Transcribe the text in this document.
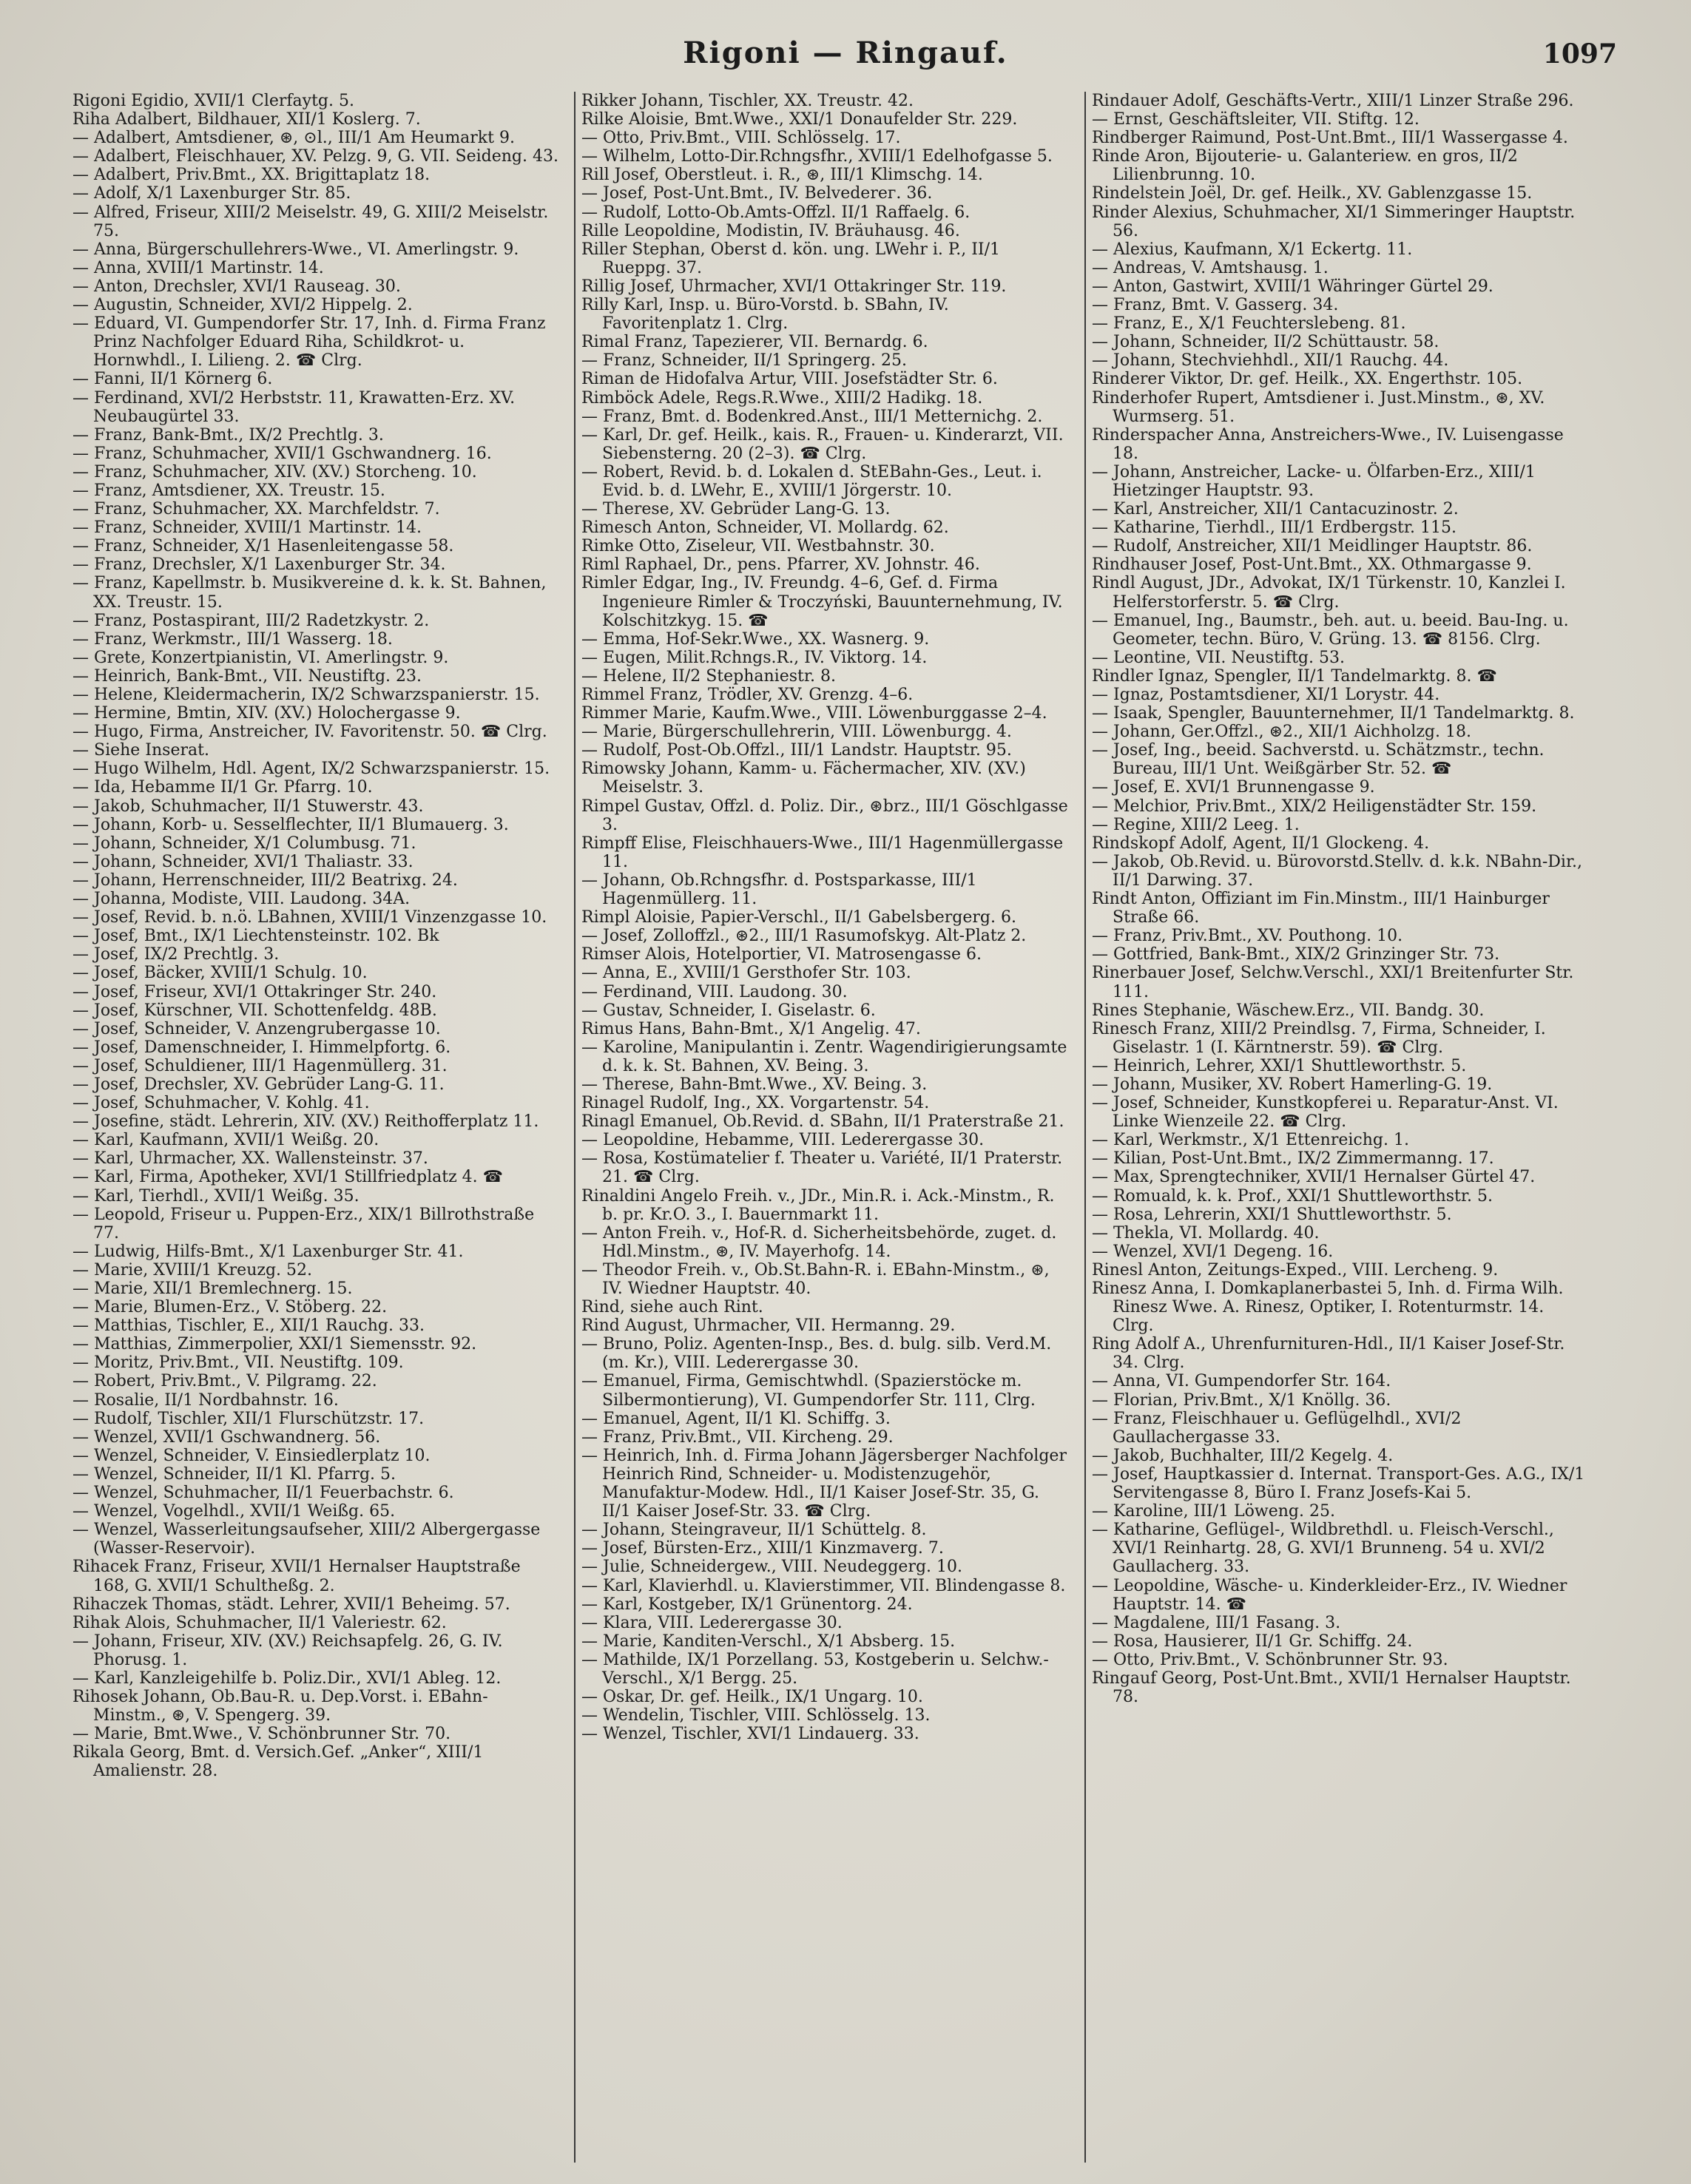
Rigoni — Ringauf.	1097

Rigoni Egidio, XVII/1 Clerfaytg. 5.

Riha Adalbert, Bildhauer, XII/1 Koslerg. 7.

— Adalbert, Amtsdiener, ⊛, ⊙l., III/1 Am Heumarkt 9.

— Adalbert, Fleischhauer, XV. Pelzg. 9, G. VII. Seideng. 43.

— Adalbert, Priv.Bmt., XX. Brigittaplatz 18.

— Adolf, X/1 Laxenburger Str. 85.

— Alfred, Friseur, XIII/2 Meiselstr. 49, G. XIII/2 Meiselstr. 75.

— Anna, Bürgerschullehrers-Wwe., VI. Amerlingstr. 9.

— Anna, XVIII/1 Martinstr. 14.

— Anton, Drechsler, XVI/1 Rauseag. 30.

— Augustin, Schneider, XVI/2 Hippelg. 2.

— Eduard, VI. Gumpendorfer Str. 17, Inh. d. Firma Franz Prinz Nachfolger Eduard Riha, Schildkrot- u. Hornwhdl., I. Lilieng. 2. ☎ Clrg.

— Fanni, II/1 Körnerg 6.

— Ferdinand, XVI/2 Herbststr. 11, Krawatten-Erz. XV. Neubaugürtel 33.

— Franz, Bank-Bmt., IX/2 Prechtlg. 3.

— Franz, Schuhmacher, XVII/1 Gschwandnerg. 16.

— Franz, Schuhmacher, XIV. (XV.) Storcheng. 10.

— Franz, Amtsdiener, XX. Treustr. 15.

— Franz, Schuhmacher, XX. Marchfeldstr. 7.

— Franz, Schneider, XVIII/1 Martinstr. 14.

— Franz, Schneider, X/1 Hasenleitengasse 58.

— Franz, Drechsler, X/1 Laxenburger Str. 34.

— Franz, Kapellmstr. b. Musikvereine d. k. k. St. Bahnen, XX. Treustr. 15.

— Franz, Postaspirant, III/2 Radetzkystr. 2.

— Franz, Werkmstr., III/1 Wasserg. 18.

— Grete, Konzertpianistin, VI. Amerlingstr. 9.

— Heinrich, Bank-Bmt., VII. Neustiftg. 23.

— Helene, Kleidermacherin, IX/2 Schwarzspanierstr. 15.

— Hermine, Bmtin, XIV. (XV.) Holochergasse 9.

— Hugo, Firma, Anstreicher, IV. Favoritenstr. 50. ☎ Clrg.

— Siehe Inserat.

— Hugo Wilhelm, Hdl. Agent, IX/2 Schwarzspanierstr. 15.

— Ida, Hebamme II/1 Gr. Pfarrg. 10.

— Jakob, Schuhmacher, II/1 Stuwerstr. 43.

— Johann, Korb- u. Sesselflechter, II/1 Blumauerg. 3.

— Johann, Schneider, X/1 Columbusg. 71.

— Johann, Schneider, XVI/1 Thaliastr. 33.

— Johann, Herrenschneider, III/2 Beatrixg. 24.

— Johanna, Modiste, VIII. Laudong. 34A.

— Josef, Revid. b. n.ö. LBahnen, XVIII/1 Vinzenzgasse 10.

— Josef, Bmt., IX/1 Liechtensteinstr. 102. Bk

— Josef, IX/2 Prechtlg. 3.

— Josef, Bäcker, XVIII/1 Schulg. 10.

— Josef, Friseur, XVI/1 Ottakringer Str. 240.

— Josef, Kürschner, VII. Schottenfeldg. 48B.

— Josef, Schneider, V. Anzengrubergasse 10.

— Josef, Damenschneider, I. Himmelpfortg. 6.

— Josef, Schuldiener, III/1 Hagenmüllerg. 31.

— Josef, Drechsler, XV. Gebrüder Lang-G. 11.

— Josef, Schuhmacher, V. Kohlg. 41.

— Josefine, städt. Lehrerin, XIV. (XV.) Reithofferplatz 11.

— Karl, Kaufmann, XVII/1 Weißg. 20.

— Karl, Uhrmacher, XX. Wallensteinstr. 37.

— Karl, Firma, Apotheker, XVI/1 Stillfriedplatz 4. ☎

— Karl, Tierhdl., XVII/1 Weißg. 35.

— Leopold, Friseur u. Puppen-Erz., XIX/1 Billrothstraße 77.

— Ludwig, Hilfs-Bmt., X/1 Laxenburger Str. 41.

— Marie, XVIII/1 Kreuzg. 52.

— Marie, XII/1 Bremlechnerg. 15.

— Marie, Blumen-Erz., V. Stöberg. 22.

— Matthias, Tischler, E., XII/1 Rauchg. 33.

— Matthias, Zimmerpolier, XXI/1 Siemensstr. 92.

— Moritz, Priv.Bmt., VII. Neustiftg. 109.

— Robert, Priv.Bmt., V. Pilgramg. 22.

— Rosalie, II/1 Nordbahnstr. 16.

— Rudolf, Tischler, XII/1 Flurschützstr. 17.

— Wenzel, XVII/1 Gschwandnerg. 56.

— Wenzel, Schneider, V. Einsiedlerplatz 10.

— Wenzel, Schneider, II/1 Kl. Pfarrg. 5.

— Wenzel, Schuhmacher, II/1 Feuerbachstr. 6.

— Wenzel, Vogelhdl., XVII/1 Weißg. 65.

— Wenzel, Wasserleitungsaufseher, XIII/2 Albergergasse (Wasser-Reservoir).

Rihacek Franz, Friseur, XVII/1 Hernalser Hauptstraße 168, G. XVII/1 Schultheßg. 2.

Rihaczek Thomas, städt. Lehrer, XVII/1 Beheimg. 57.

Rihak Alois, Schuhmacher, II/1 Valeriestr. 62.

— Johann, Friseur, XIV. (XV.) Reichsapfelg. 26, G. IV. Phorusg. 1.

— Karl, Kanzleigehilfe b. Poliz.Dir., XVI/1 Ableg. 12.

Rihosek Johann, Ob.Bau-R. u. Dep.Vorst. i. EBahn-Minstm., ⊛, V. Spengerg. 39.

— Marie, Bmt.Wwe., V. Schönbrunner Str. 70.

Rikala Georg, Bmt. d. Versich.Gef. „Anker“, XIII/1 Amalienstr. 28.

Rikker Johann, Tischler, XX. Treustr. 42.

Rilke Aloisie, Bmt.Wwe., XXI/1 Donaufelder Str. 229.

— Otto, Priv.Bmt., VIII. Schlösselg. 17.

— Wilhelm, Lotto-Dir.Rchngsfhr., XVIII/1 Edelhofgasse 5.

Rill Josef, Oberstleut. i. R., ⊛, III/1 Klimschg. 14.

— Josef, Post-Unt.Bmt., IV. Belvederег. 36.

— Rudolf, Lotto-Ob.Amts-Offzl. II/1 Raffaelg. 6.

Rille Leopoldine, Modistin, IV. Bräuhausg. 46.

Riller Stephan, Oberst d. kön. ung. LWehr i. P., II/1 Rueppg. 37.

Rillig Josef, Uhrmacher, XVI/1 Ottakringer Str. 119.

Rilly Karl, Insp. u. Büro-Vorstd. b. SBahn, IV. Favoritenplatz 1. Clrg.

Rimal Franz, Tapezierer, VII. Bernardg. 6.

— Franz, Schneider, II/1 Springerg. 25.

Riman de Hidofalva Artur, VIII. Josefstädter Str. 6.

Rimböck Adele, Regs.R.Wwe., XIII/2 Hadikg. 18.

— Franz, Bmt. d. Bodenkred.Anst., III/1 Metternichg. 2.

— Karl, Dr. gef. Heilk., kais. R., Frauen- u. Kinderarzt, VII. Siebensterng. 20 (2–3). ☎ Clrg.

— Robert, Revid. b. d. Lokalen d. StEBahn-Ges., Leut. i. Evid. b. d. LWehr, E., XVIII/1 Jörgerstr. 10.

— Therese, XV. Gebrüder Lang-G. 13.

Rimesch Anton, Schneider, VI. Mollardg. 62.

Rimke Otto, Ziseleur, VII. Westbahnstr. 30.

Riml Raphael, Dr., pens. Pfarrer, XV. Johnstr. 46.

Rimler Edgar, Ing., IV. Freundg. 4–6, Gef. d. Firma Ingenieure Rimler & Troczyński, Bauunternehmung, IV. Kolschitzkyg. 15. ☎

— Emma, Hof-Sekr.Wwe., XX. Wasnerg. 9.

— Eugen, Milit.Rchngs.R., IV. Viktorg. 14.

— Helene, II/2 Stephaniestr. 8.

Rimmel Franz, Trödler, XV. Grenzg. 4–6.

Rimmer Marie, Kaufm.Wwe., VIII. Löwenburggasse 2–4.

— Marie, Bürgerschullehrerin, VIII. Löwenburgg. 4.

— Rudolf, Post-Ob.Offzl., III/1 Landstr. Hauptstr. 95.

Rimowsky Johann, Kamm- u. Fächermacher, XIV. (XV.) Meiselstr. 3.

Rimpel Gustav, Offzl. d. Poliz. Dir., ⊛brz., III/1 Göschlgasse 3.

Rimpff Elise, Fleischhauers-Wwe., III/1 Hagenmüllergasse 11.

— Johann, Ob.Rchngsfhr. d. Postsparkasse, III/1 Hagenmüllerg. 11.

Rimpl Aloisie, Papier-Verschl., II/1 Gabelsbergerg. 6.

— Josef, Zolloffzl., ⊛2., III/1 Rasumofskyg. Alt-Platz 2.

Rimser Alois, Hotelportier, VI. Matrosengasse 6.

— Anna, E., XVIII/1 Gersthofer Str. 103.

— Ferdinand, VIII. Laudong. 30.

— Gustav, Schneider, I. Giselastr. 6.

Rimus Hans, Bahn-Bmt., X/1 Angelig. 47.

— Karoline, Manipulantin i. Zentr. Wagendirigierungsamte d. k. k. St. Bahnen, XV. Being. 3.

— Therese, Bahn-Bmt.Wwe., XV. Being. 3.

Rinagel Rudolf, Ing., XX. Vorgartenstr. 54.

Rinagl Emanuel, Ob.Revid. d. SBahn, II/1 Praterstraße 21.

— Leopoldine, Hebamme, VIII. Lederergasse 30.

— Rosa, Kostümatelier f. Theater u. Variété, II/1 Praterstr. 21. ☎ Clrg.

Rinaldini Angelo Freih. v., JDr., Min.R. i. Ack.-Minstm., R. b. pr. Kr.O. 3., I. Bauernmarkt 11.

— Anton Freih. v., Hof-R. d. Sicherheitsbehörde, zuget. d. Hdl.Minstm., ⊛, IV. Mayerhofg. 14.

— Theodor Freih. v., Ob.St.Bahn-R. i. EBahn-Minstm., ⊛, IV. Wiedner Hauptstr. 40.

Rind, siehe auch Rint.

Rind August, Uhrmacher, VII. Hermanng. 29.

— Bruno, Poliz. Agenten-Insp., Bes. d. bulg. silb. Verd.M. (m. Kr.), VIII. Lederergasse 30.

— Emanuel, Firma, Gemischtwhdl. (Spazierstöcke m. Silbermontierung), VI. Gumpendorfer Str. 111, Clrg.

— Emanuel, Agent, II/1 Kl. Schiffg. 3.

— Franz, Priv.Bmt., VII. Kircheng. 29.

— Heinrich, Inh. d. Firma Johann Jägersberger Nachfolger Heinrich Rind, Schneider- u. Modistenzugehör, Manufaktur-Modew. Hdl., II/1 Kaiser Josef-Str. 35, G. II/1 Kaiser Josef-Str. 33. ☎ Clrg.

— Johann, Steingraveur, II/1 Schüttelg. 8.

— Josef, Bürsten-Erz., XIII/1 Kinzmaverg. 7.

— Julie, Schneidergew., VIII. Neudeggerg. 10.

— Karl, Klavierhdl. u. Klavierstimmer, VII. Blindengasse 8.

— Karl, Kostgeber, IX/1 Grünentorg. 24.

— Klara, VIII. Lederergasse 30.

— Marie, Kanditen-Verschl., X/1 Absberg. 15.

— Mathilde, IX/1 Porzellang. 53, Kostgeberin u. Selchw.-Verschl., X/1 Bergg. 25.

— Oskar, Dr. gef. Heilk., IX/1 Ungarg. 10.

— Wendelin, Tischler, VIII. Schlösselg. 13.

— Wenzel, Tischler, XVI/1 Lindauerg. 33.

Rindauer Adolf, Geschäfts-Vertr., XIII/1 Linzer Straße 296.

— Ernst, Geschäftsleiter, VII. Stiftg. 12.

Rindberger Raimund, Post-Unt.Bmt., III/1 Wassergasse 4.

Rinde Aron, Bijouterie- u. Galanteriew. en gros, II/2 Lilienbrunng. 10.

Rindelstein Joël, Dr. gef. Heilk., XV. Gablenzgasse 15.

Rinder Alexius, Schuhmacher, XI/1 Simmeringer Hauptstr. 56.

— Alexius, Kaufmann, X/1 Eckertg. 11.

— Andreas, V. Amtshausg. 1.

— Anton, Gastwirt, XVIII/1 Währinger Gürtel 29.

— Franz, Bmt. V. Gasserg. 34.

— Franz, E., X/1 Feuchterslebeng. 81.

— Johann, Schneider, II/2 Schüttaustr. 58.

— Johann, Stechviehhdl., XII/1 Rauchg. 44.

Rinderer Viktor, Dr. gef. Heilk., XX. Engerthstr. 105.

Rinderhofer Rupert, Amtsdiener i. Just.Minstm., ⊛, XV. Wurmserg. 51.

Rinderspacher Anna, Anstreichers-Wwe., IV. Luisengasse 18.

— Johann, Anstreicher, Lacke- u. Ölfarben-Erz., XIII/1 Hietzinger Hauptstr. 93.

— Karl, Anstreicher, XII/1 Cantacuzinostr. 2.

— Katharine, Tierhdl., III/1 Erdbergstr. 115.

— Rudolf, Anstreicher, XII/1 Meidlinger Hauptstr. 86.

Rindhauser Josef, Post-Unt.Bmt., XX. Othmargasse 9.

Rindl August, JDr., Advokat, IX/1 Türkenstr. 10, Kanzlei I. Helferstorferstr. 5. ☎ Clrg.

— Emanuel, Ing., Baumstr., beh. aut. u. beeid. Bau-Ing. u. Geometer, techn. Büro, V. Grüng. 13. ☎ 8156. Clrg.

— Leontine, VII. Neustiftg. 53.

Rindler Ignaz, Spengler, II/1 Tandelmarktg. 8. ☎

— Ignaz, Postamtsdiener, XI/1 Lorystr. 44.

— Isaak, Spengler, Bauunternehmer, II/1 Tandelmarktg. 8.

— Johann, Ger.Offzl., ⊛2., XII/1 Aichholzg. 18.

— Josef, Ing., beeid. Sachverstd. u. Schätzmstr., techn. Bureau, III/1 Unt. Weißgärber Str. 52. ☎

— Josef, E. XVI/1 Brunnengasse 9.

— Melchior, Priv.Bmt., XIX/2 Heiligenstädter Str. 159.

— Regine, XIII/2 Leeg. 1.

Rindskopf Adolf, Agent, II/1 Glockeng. 4.

— Jakob, Ob.Revid. u. Bürovorstd.Stellv. d. k.k. NBahn-Dir., II/1 Darwing. 37.

Rindt Anton, Offiziant im Fin.Minstm., III/1 Hainburger Straße 66.

— Franz, Priv.Bmt., XV. Pouthong. 10.

— Gottfried, Bank-Bmt., XIX/2 Grinzinger Str. 73.

Rinerbauer Josef, Selchw.Verschl., XXI/1 Breitenfurter Str. 111.

Rines Stephanie, Wäschew.Erz., VII. Bandg. 30.

Rinesch Franz, XIII/2 Preindlsg. 7, Firma, Schneider, I. Giselastr. 1 (I. Kärntnerstr. 59). ☎ Clrg.

— Heinrich, Lehrer, XXI/1 Shuttleworthstr. 5.

— Johann, Musiker, XV. Robert Hamerling-G. 19.

— Josef, Schneider, Kunstkopferei u. Reparatur-Anst. VI. Linke Wienzeile 22. ☎ Clrg.

— Karl, Werkmstr., X/1 Ettenreichg. 1.

— Kilian, Post-Unt.Bmt., IX/2 Zimmermanng. 17.

— Max, Sprengtechniker, XVII/1 Hernalser Gürtel 47.

— Romuald, k. k. Prof., XXI/1 Shuttleworthstr. 5.

— Rosa, Lehrerin, XXI/1 Shuttleworthstr. 5.

— Thekla, VI. Mollardg. 40.

— Wenzel, XVI/1 Degeng. 16.

Rinesl Anton, Zeitungs-Exped., VIII. Lercheng. 9.

Rinesz Anna, I. Domkaplanerbastei 5, Inh. d. Firma Wilh. Rinesz Wwe. A. Rinesz, Optiker, I. Rotenturmstr. 14. Clrg.

Ring Adolf A., Uhrenfurnituren-Hdl., II/1 Kaiser Josef-Str. 34. Clrg.

— Anna, VI. Gumpendorfer Str. 164.

— Florian, Priv.Bmt., X/1 Knöllg. 36.

— Franz, Fleischhauer u. Geflügelhdl., XVI/2 Gaullachergasse 33.

— Jakob, Buchhalter, III/2 Kegelg. 4.

— Josef, Hauptkassier d. Internat. Transport-Ges. A.G., IX/1 Servitengasse 8, Büro I. Franz Josefs-Kai 5.

— Karoline, III/1 Löweng. 25.

— Katharine, Geflügel-, Wildbrethdl. u. Fleisch-Verschl., XVI/1 Reinhartg. 28, G. XVI/1 Brunneng. 54 u. XVI/2 Gaullacherg. 33.

— Leopoldine, Wäsche- u. Kinderkleider-Erz., IV. Wiedner Hauptstr. 14. ☎

— Magdalene, III/1 Fasang. 3.

— Rosa, Hausierer, II/1 Gr. Schiffg. 24.

— Otto, Priv.Bmt., V. Schönbrunner Str. 93.

Ringauf Georg, Post-Unt.Bmt., XVII/1 Hernalser Hauptstr. 78.
